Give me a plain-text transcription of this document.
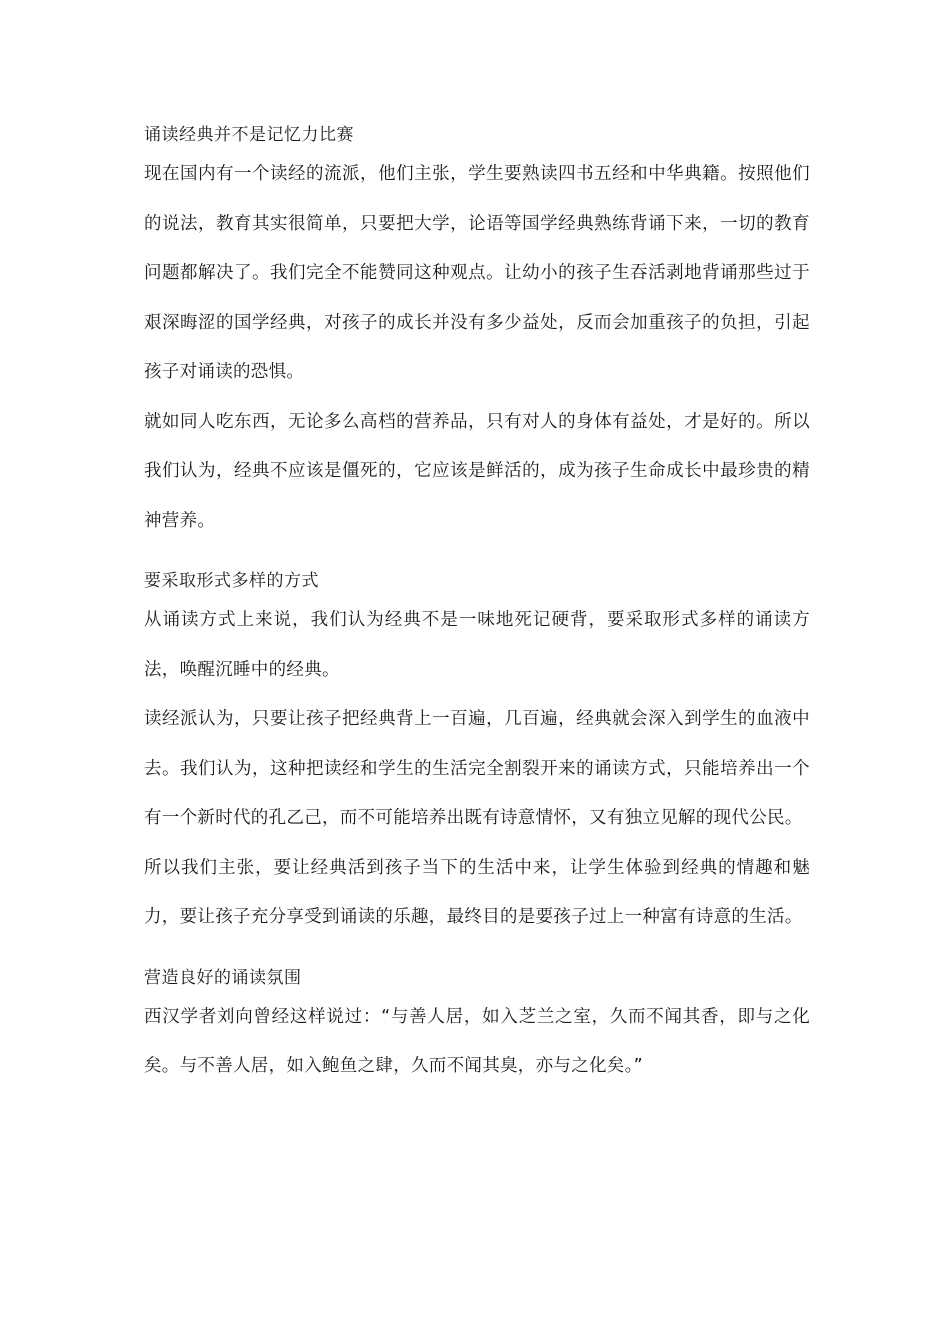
诵读经典并不是记忆力比赛

现在国内有一个读经的流派，他们主张，学生要熟读四书五经和中华典籍。按照他们的说法，教育其实很简单，只要把大学，论语等国学经典熟练背诵下来，一切的教育问题都解决了。我们完全不能赞同这种观点。让幼小的孩子生吞活剥地背诵那些过于艰深晦涩的国学经典，对孩子的成长并没有多少益处，反而会加重孩子的负担，引起孩子对诵读的恐惧。

就如同人吃东西，无论多么高档的营养品，只有对人的身体有益处，才是好的。所以我们认为，经典不应该是僵死的，它应该是鲜活的，成为孩子生命成长中最珍贵的精神营养。

要采取形式多样的方式

从诵读方式上来说，我们认为经典不是一味地死记硬背，要采取形式多样的诵读方法，唤醒沉睡中的经典。

读经派认为，只要让孩子把经典背上一百遍，几百遍，经典就会深入到学生的血液中去。我们认为，这种把读经和学生的生活完全割裂开来的诵读方式，只能培养出一个有一个新时代的孔乙己，而不可能培养出既有诗意情怀，又有独立见解的现代公民。

所以我们主张，要让经典活到孩子当下的生活中来，让学生体验到经典的情趣和魅力，要让孩子充分享受到诵读的乐趣，最终目的是要孩子过上一种富有诗意的生活。

营造良好的诵读氛围

西汉学者刘向曾经这样说过：“与善人居，如入芝兰之室，久而不闻其香，即与之化矣。与不善人居，如入鲍鱼之肆，久而不闻其臭，亦与之化矣。”
